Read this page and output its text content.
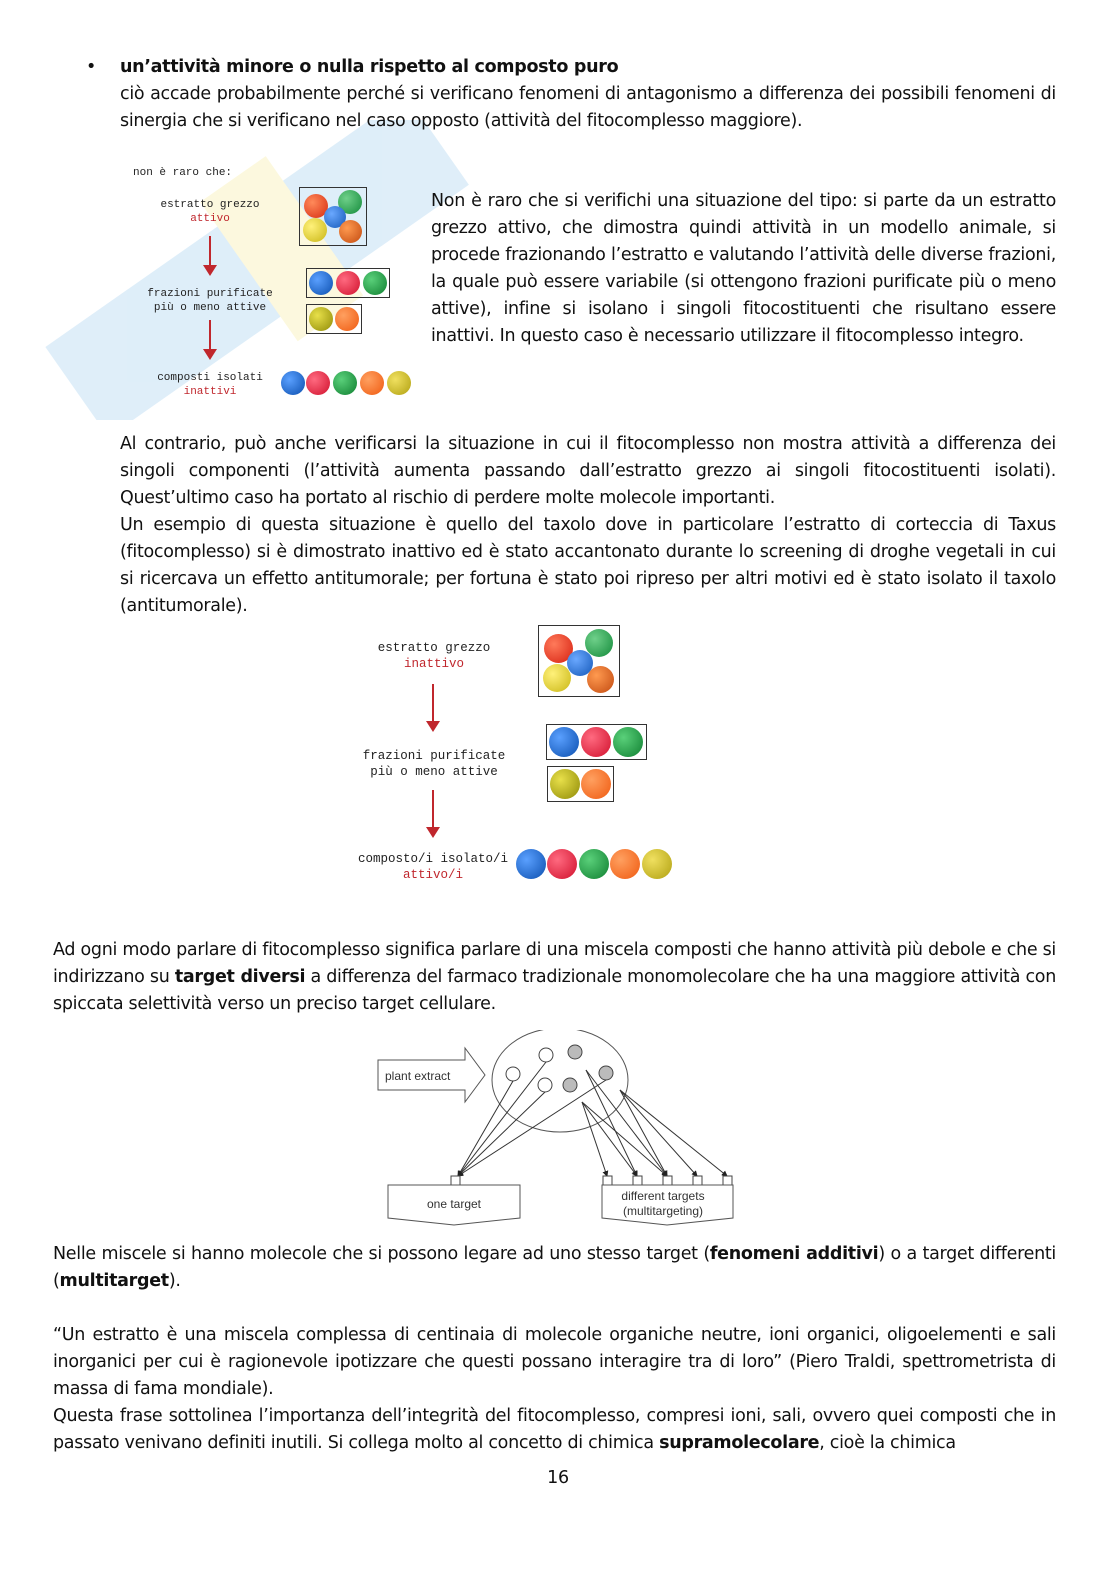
• un’attività minore o nulla rispetto al composto puro
ciò accade probabilmente perché si verificano fenomeni di antagonismo a differenza dei possibili fenomeni di sinergia che si verificano nel caso opposto (attività del fitocomplesso maggiore).
non è raro che:
estratto grezzo
attivo
frazioni purificate
più o meno attive
composti isolati
inattivi
Non è raro che si verifichi una situazione del tipo: si parte da un estratto grezzo attivo, che dimostra quindi attività in un modello animale, si procede frazionando l’estratto e valutando l’attività delle diverse frazioni, la quale può essere variabile (si ottengono frazioni purificate più o meno attive), infine si isolano i singoli fitocostituenti che risultano essere inattivi. In questo caso è necessario utilizzare il fitocomplesso integro.
Al contrario, può anche verificarsi la situazione in cui il fitocomplesso non mostra attività a differenza dei singoli componenti (l’attività aumenta passando dall’estratto grezzo ai singoli fitocostituenti isolati). Quest’ultimo caso ha portato al rischio di perdere molte molecole importanti.
Un esempio di questa situazione è quello del taxolo dove in particolare l’estratto di corteccia di Taxus (fitocomplesso) si è dimostrato inattivo ed è stato accantonato durante lo screening di droghe vegetali in cui si ricercava un effetto antitumorale; per fortuna è stato poi ripreso per altri motivi ed è stato isolato il taxolo (antitumorale).
estratto grezzo
inattivo
frazioni purificate
più o meno attive
composto/i isolato/i
attivo/i
Ad ogni modo parlare di fitocomplesso significa parlare di una miscela composti che hanno attività più debole e che si indirizzano su target diversi a differenza del farmaco tradizionale monomolecolare che ha una maggiore attività con spiccata selettività verso un preciso target cellulare.
plant extract
one target
different targets
(multitargeting)
Nelle miscele si hanno molecole che si possono legare ad uno stesso target (fenomeni additivi) o a target differenti (multitarget).
“Un estratto è una miscela complessa di centinaia di molecole organiche neutre, ioni organici, oligoelementi e sali inorganici per cui è ragionevole ipotizzare che questi possano interagire tra di loro” (Piero Traldi, spettrometrista di massa di fama mondiale).
Questa frase sottolinea l’importanza dell’integrità del fitocomplesso, compresi ioni, sali, ovvero quei composti che in passato venivano definiti inutili. Si collega molto al concetto di chimica supramolecolare, cioè la chimica
16
